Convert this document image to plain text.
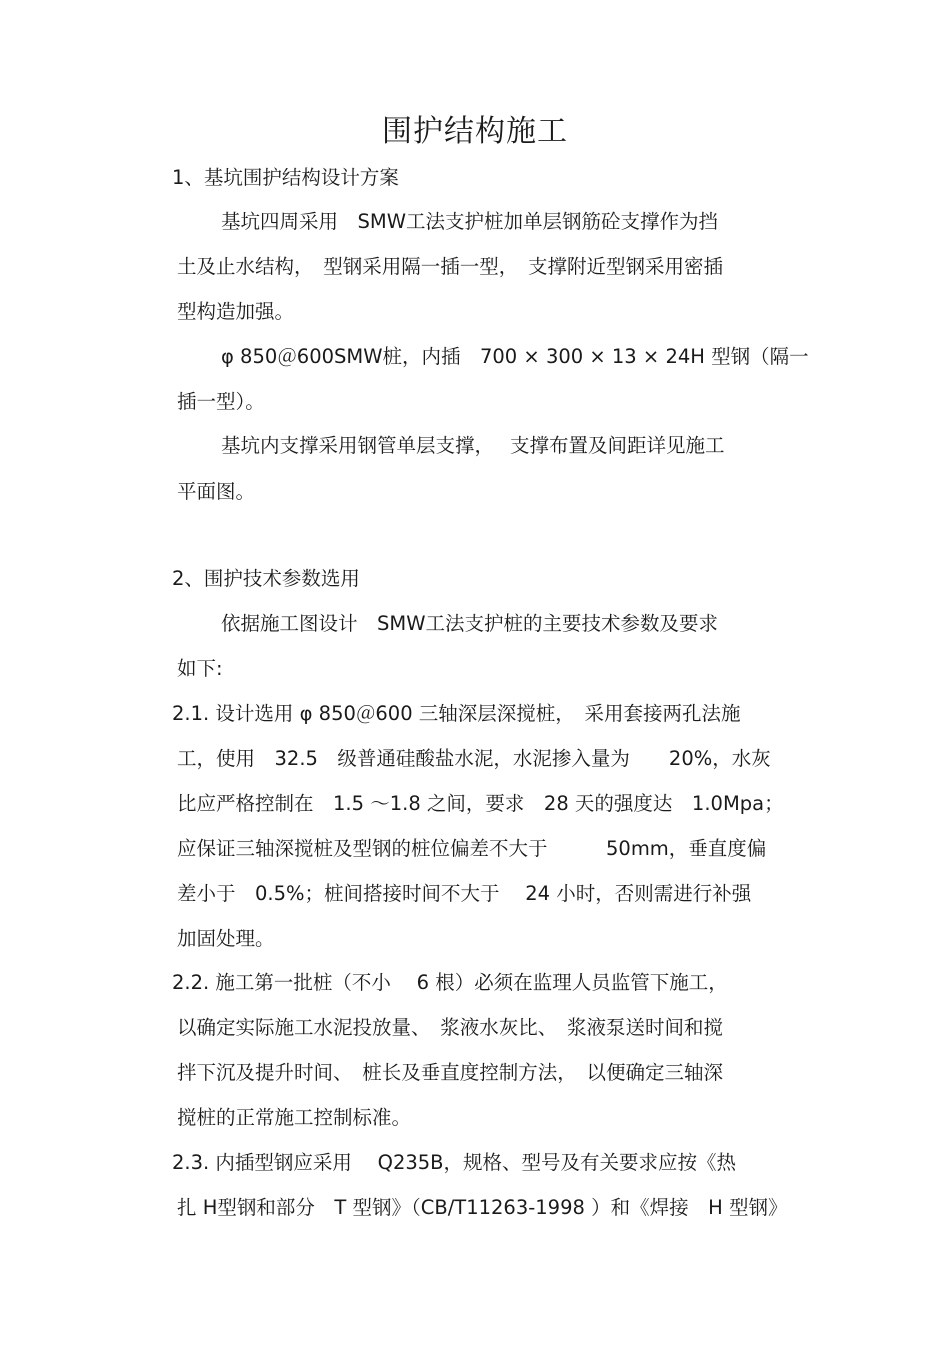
围护结构施工
1、基坑围护结构设计方案
基坑四周采用　SMW工法支护桩加单层钢筋砼支撑作为挡
土及止水结构，　型钢采用隔一插一型，　支撑附近型钢采用密插
型构造加强。
φ 850＠600SMW桩，内插　700 × 300 × 13 × 24H 型钢（隔一
插一型）。
基坑内支撑采用钢管单层支撑，　 支撑布置及间距详见施工
平面图。
2、围护技术参数选用
依据施工图设计　SMW工法支护桩的主要技术参数及要求
如下:
2.1. 设计选用 φ 850＠600 三轴深层深搅桩，　采用套接两孔法施
工，使用　32.5　级普通硅酸盐水泥，水泥掺入量为　　20%，水灰
比应严格控制在　1.5 ～1.8 之间，要求　28 天的强度达　1.0Mpa；
应保证三轴深搅桩及型钢的桩位偏差不大于　　　50mm，垂直度偏
差小于　0.5%；桩间搭接时间不大于　 24 小时，否则需进行补强
加固处理。
2.2. 施工第一批桩（不小　 6 根）必须在监理人员监管下施工，
以确定实际施工水泥投放量、　浆液水灰比、　浆液泵送时间和搅
拌下沉及提升时间、　桩长及垂直度控制方法，　以便确定三轴深
搅桩的正常施工控制标准。
2.3. 内插型钢应采用　 Q235B，规格、型号及有关要求应按《热
扎 H型钢和部分　T 型钢》（CB/T11263-1998 ）和《焊接　H 型钢》
